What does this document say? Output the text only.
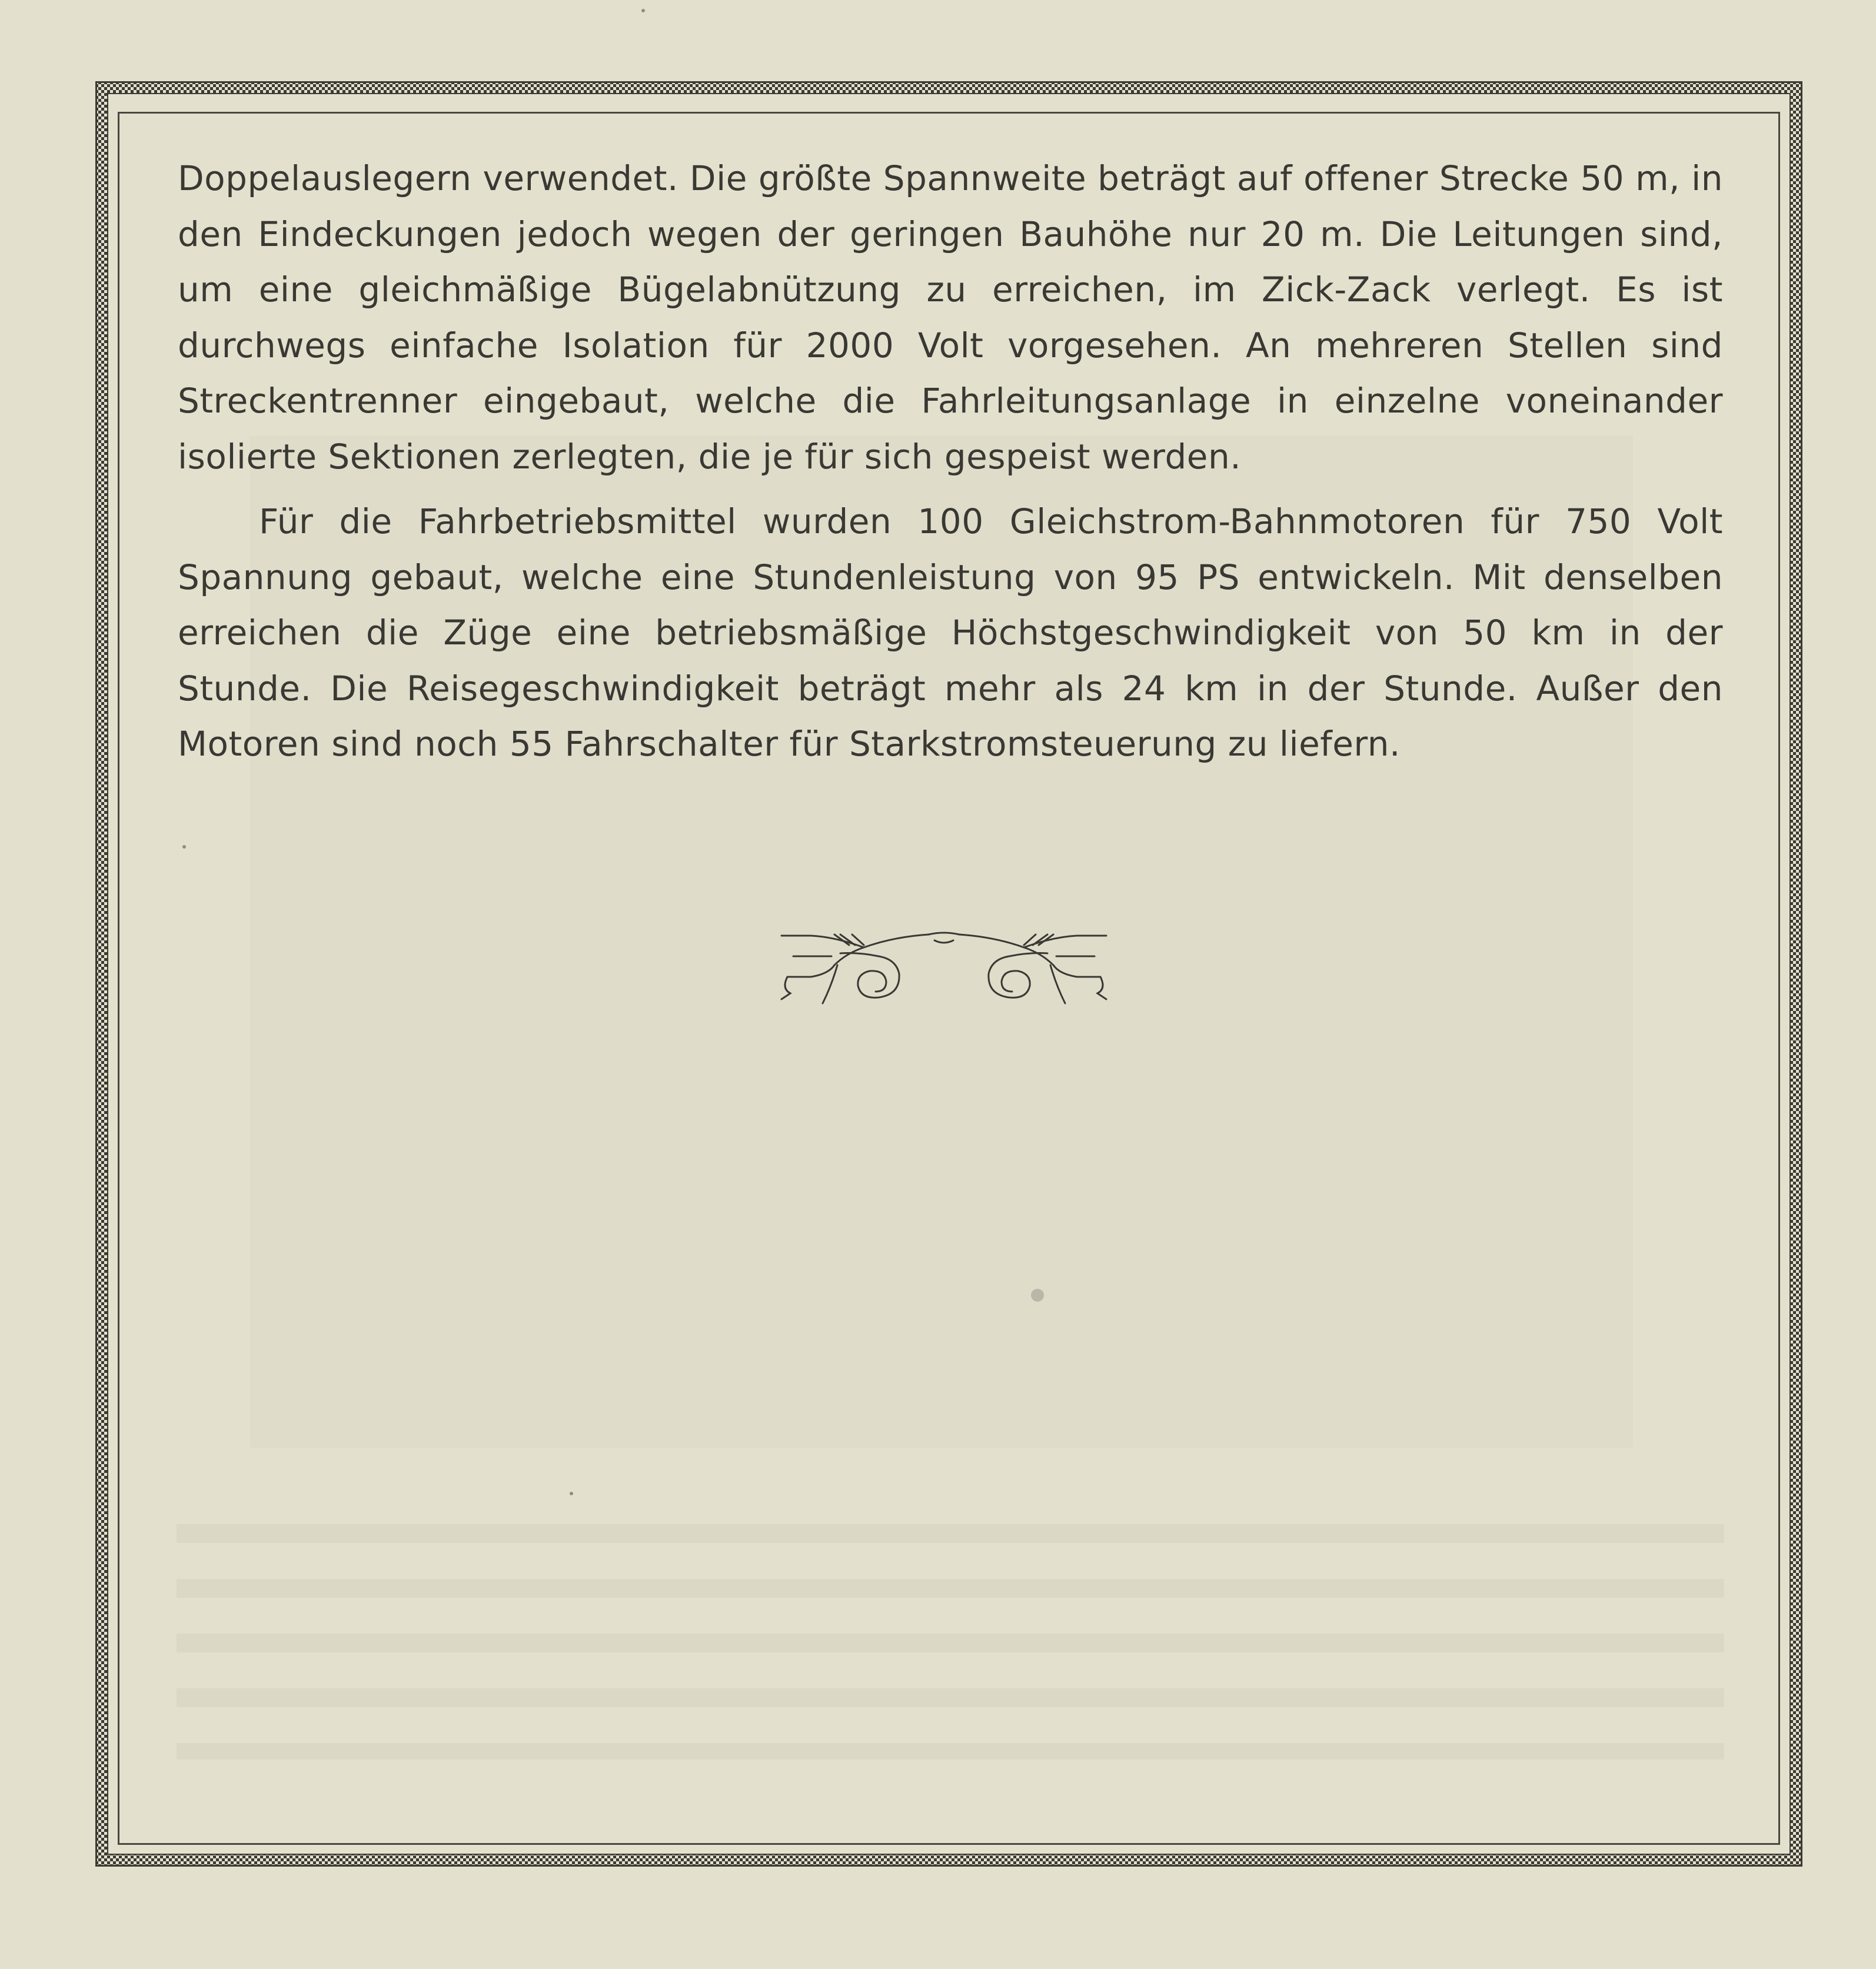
Doppelauslegern verwendet. Die größte Spannweite beträgt auf offener Strecke 50 m, in den Eindeckungen jedoch wegen der geringen Bauhöhe nur 20 m. Die Leitungen sind, um eine gleichmäßige Bügelabnützung zu erreichen, im Zick-Zack verlegt. Es ist durchwegs einfache Isolation für 2000 Volt vorgesehen. An mehreren Stellen sind Streckentrenner eingebaut, welche die Fahrleitungsanlage in einzelne voneinander isolierte Sektionen zerlegten, die je für sich gespeist werden.

Für die Fahrbetriebsmittel wurden 100 Gleichstrom-Bahnmotoren für 750 Volt Spannung gebaut, welche eine Stundenleistung von 95 PS entwickeln. Mit denselben erreichen die Züge eine betriebsmäßige Höchstgeschwindigkeit von 50 km in der Stunde. Die Reisegeschwindigkeit beträgt mehr als 24 km in der Stunde. Außer den Motoren sind noch 55 Fahrschalter für Starkstromsteuerung zu liefern.
